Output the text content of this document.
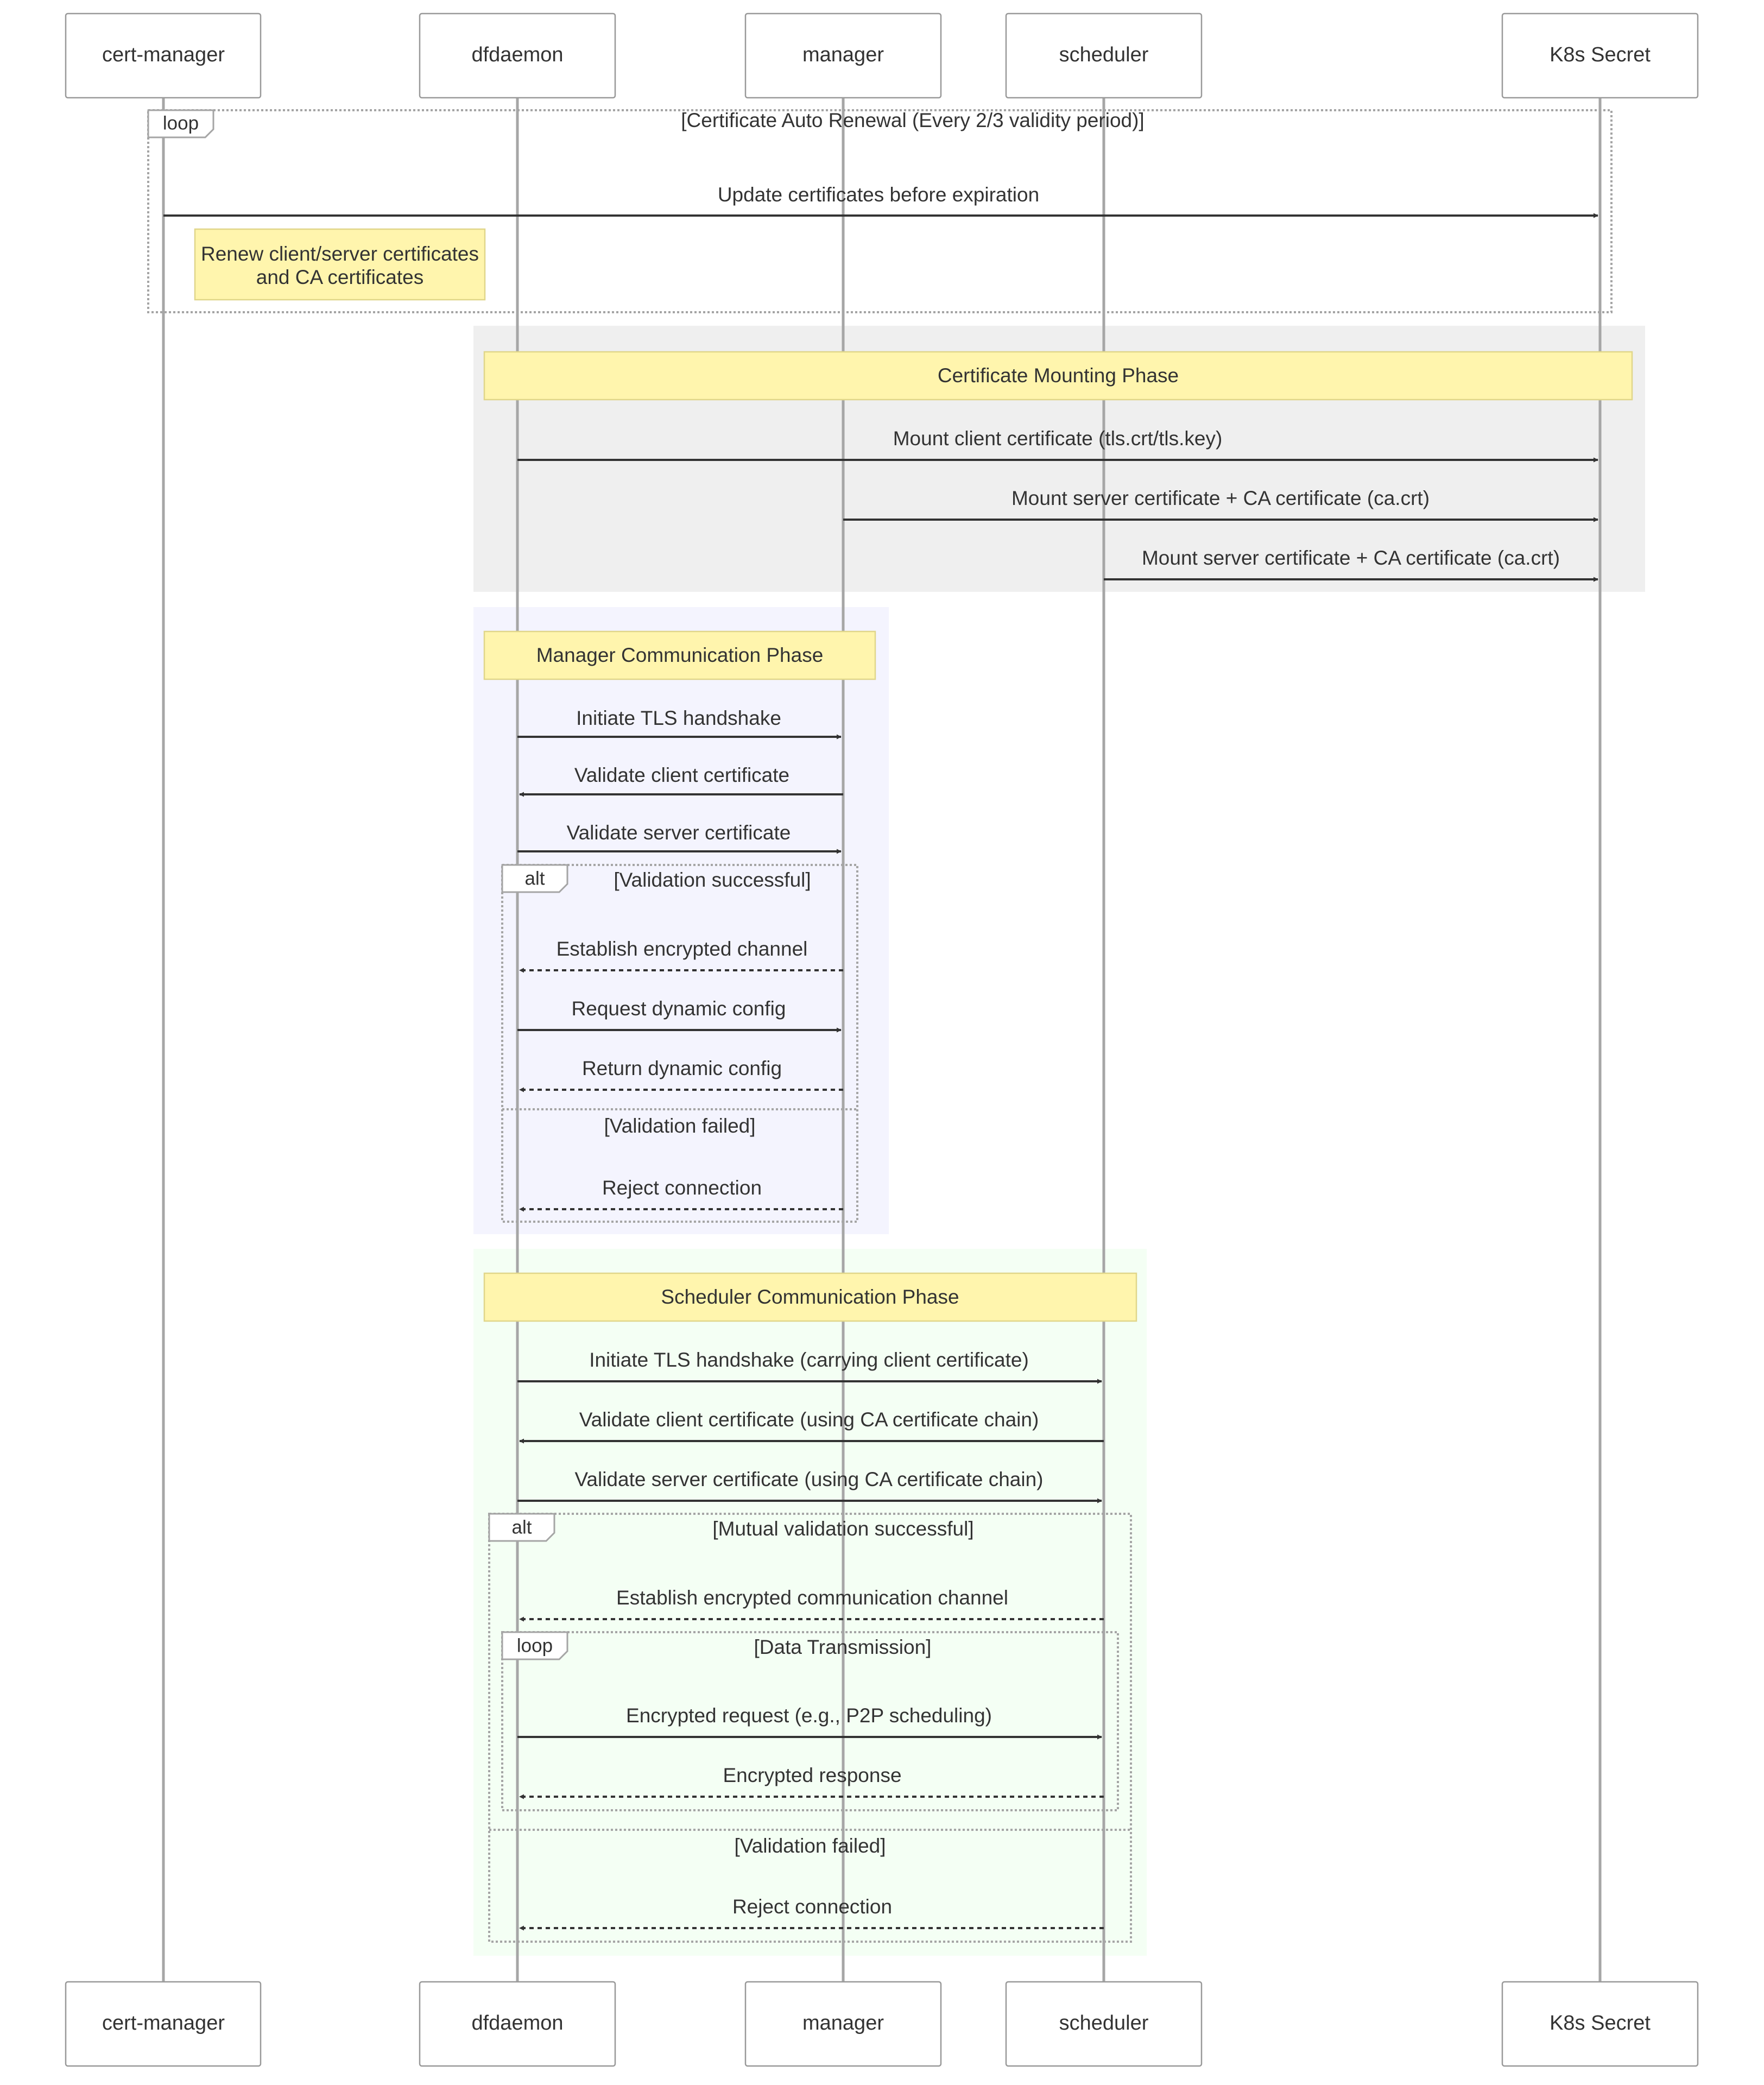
cert-manager	dfdaemon	manager	scheduler	K8s Secret
cert-manager	dfdaemon	manager	scheduler	K8s Secret
loop	[Certificate Auto Renewal (Every 2/3 validity period)]
Update certificates before expiration
Renew client/server certificates
and CA certificates
Certificate Mounting Phase
Mount client certificate (tls.crt/tls.key)
Mount server certificate + CA certificate (ca.crt)
Mount server certificate + CA certificate (ca.crt)
Manager Communication Phase
Initiate TLS handshake
Validate client certificate
Validate server certificate
alt	[Validation successful]
[Validation failed]
Establish encrypted channel
Request dynamic config
Return dynamic config
Reject connection
Scheduler Communication Phase
Initiate TLS handshake (carrying client certificate)
Validate client certificate (using CA certificate chain)
Validate server certificate (using CA certificate chain)
alt	[Mutual validation successful]
[Validation failed]
Establish encrypted communication channel
loop	[Data Transmission]
Encrypted request (e.g., P2P scheduling)
Encrypted response
Reject connection
